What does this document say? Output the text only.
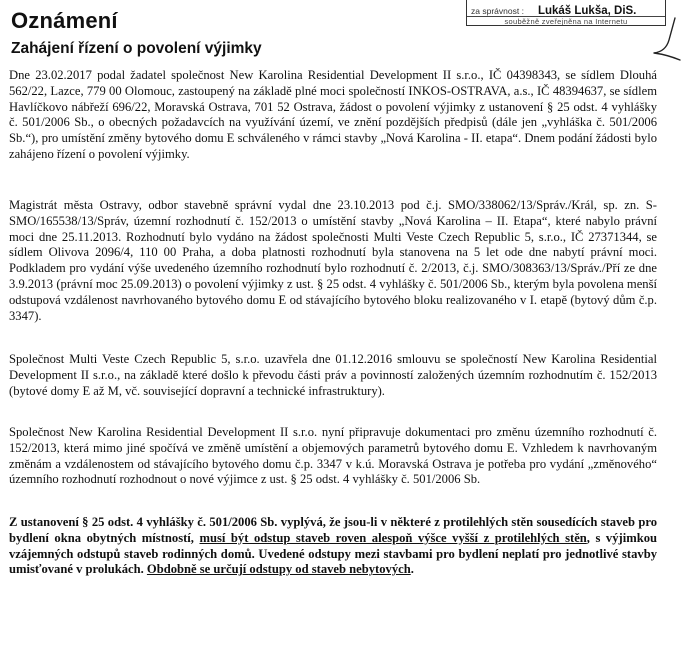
za správnost : Lukáš Lukša, DiS.
souběžně zveřejněna na Internetu
Oznámení
Zahájení řízení o povolení výjimky

Dne 23.02.2017 podal žadatel společnost New Karolina Residential Development II s.r.o., IČ 04398343, se sídlem Dlouhá 562/22, Lazce, 779 00 Olomouc, zastoupený na základě plné moci společností INKOS-OSTRAVA, a.s., IČ 48394637, se sídlem Havlíčkovo nábřeží 696/22, Moravská Ostrava, 701 52 Ostrava, žádost o povolení výjimky z ustanovení § 25 odst. 4 vyhlášky č. 501/2006 Sb., o obecných požadavcích na využívání území, ve znění pozdějších předpisů (dále jen „vyhláška č. 501/2006 Sb.“), pro umístění změny bytového domu E schváleného v rámci stavby „Nová Karolina - II. etapa“. Dnem podání žádosti bylo zahájeno řízení o povolení výjimky.

Magistrát města Ostravy, odbor stavebně správní vydal dne 23.10.2013 pod č.j. SMO/338062/13/Správ./Král, sp. zn. S-SMO/165538/13/Správ, územní rozhodnutí č. 152/2013 o umístění stavby „Nová Karolina – II. Etapa“, které nabylo právní moci dne 25.11.2013. Rozhodnutí bylo vydáno na žádost společnosti Multi Veste Czech Republic 5, s.r.o., IČ 27371344, se sídlem Olivova 2096/4, 110 00 Praha, a doba platnosti rozhodnutí byla stanovena na 5 let ode dne nabytí právní moci. Podkladem pro vydání výše uvedeného územního rozhodnutí bylo rozhodnutí č. 2/2013, č.j. SMO/308363/13/Správ./Pří ze dne 3.9.2013 (právní moc 25.09.2013) o povolení výjimky z ust. § 25 odst. 4 vyhlášky č. 501/2006 Sb., kterým byla povolena menší odstupová vzdálenost navrhovaného bytového domu E od stávajícího bytového bloku realizovaného v I. etapě (bytový dům č.p. 3347).

Společnost Multi Veste Czech Republic 5, s.r.o. uzavřela dne 01.12.2016 smlouvu se společností New Karolina Residential Development II s.r.o., na základě které došlo k převodu části práv a povinností založených územním rozhodnutím č. 152/2013 (bytové domy E až M, vč. související dopravní a technické infrastruktury).

Společnost New Karolina Residential Development II s.r.o. nyní připravuje dokumentaci pro změnu územního rozhodnutí č. 152/2013, která mimo jiné spočívá ve změně umístění a objemových parametrů bytového domu E. Vzhledem k navrhovaným změnám a vzdálenostem od stávajícího bytového domu č.p. 3347 v k.ú. Moravská Ostrava je potřeba pro vydání „změnového“ územního rozhodnutí rozhodnout o nové výjimce z ust. § 25 odst. 4 vyhlášky č. 501/2006 Sb.

Z ustanovení § 25 odst. 4 vyhlášky č. 501/2006 Sb. vyplývá, že jsou-li v některé z protilehlých stěn sousedících staveb pro bydlení okna obytných místností, musí být odstup staveb roven alespoň výšce vyšší z protilehlých stěn, s výjimkou vzájemných odstupů staveb rodinných domů. Uvedené odstupy mezi stavbami pro bydlení neplatí pro jednotlivé stavby umisťované v prolukách. Obdobně se určují odstupy od staveb nebytových.
